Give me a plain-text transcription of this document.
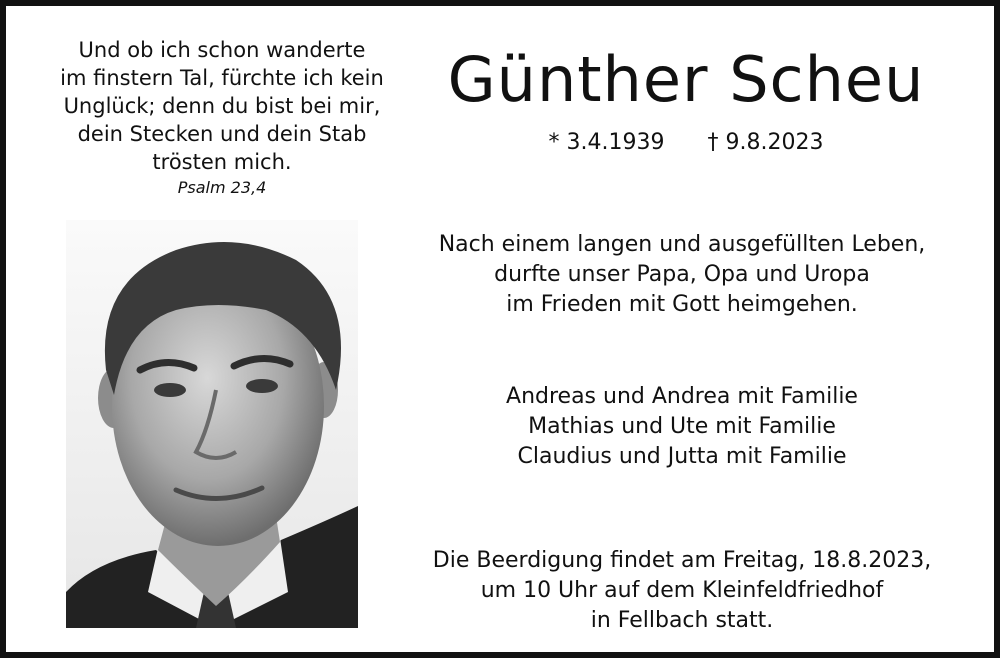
Und ob ich schon wanderte
im finstern Tal, fürchte ich kein
Unglück; denn du bist bei mir,
dein Stecken und dein Stab
trösten mich.
Psalm 23,4
Günther Scheu
* 3.4.1939 † 9.8.2023
Nach einem langen und ausgefüllten Leben,
durfte unser Papa, Opa und Uropa
im Frieden mit Gott heimgehen.
Andreas und Andrea mit Familie
Mathias und Ute mit Familie
Claudius und Jutta mit Familie
Die Beerdigung findet am Freitag, 18.8.2023,
um 10 Uhr auf dem Kleinfeldfriedhof
in Fellbach statt.
